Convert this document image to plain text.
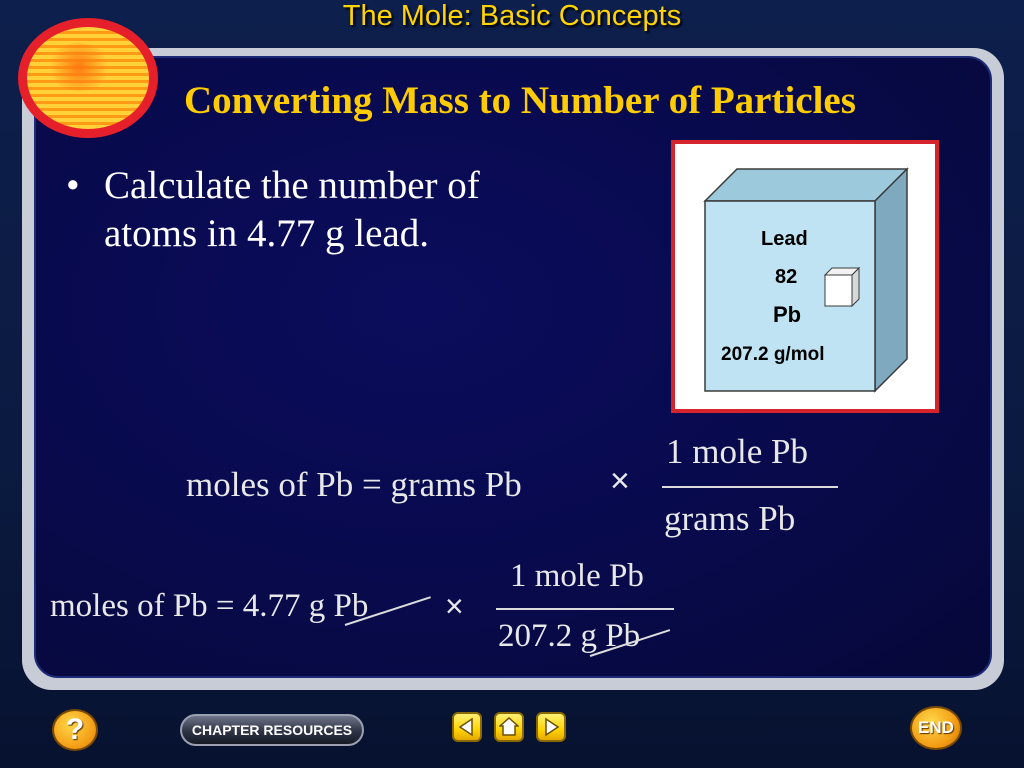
The Mole: Basic Concepts
Converting Mass to Number of Particles
• Calculate the number of atoms in 4.77 g lead.	Lead
82
Pb
207.2 g/mol
moles of Pb = grams Pb	×
1 mole Pb
grams Pb
moles of Pb = 4.77 g Pb ×
1 mole Pb
207.2 g Pb
?	CHAPTER RESOURCES	END
